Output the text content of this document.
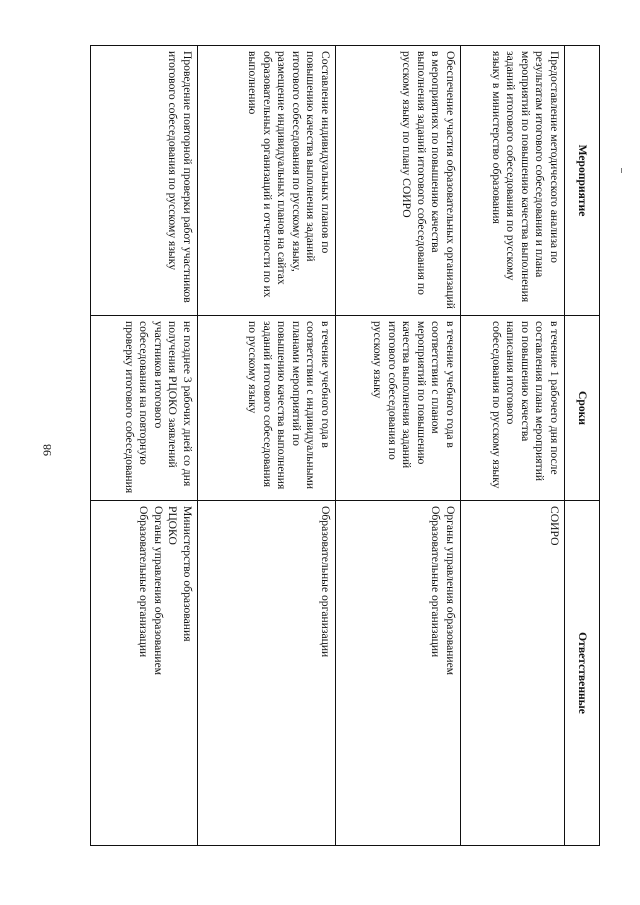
98
Мероприятие	Сроки	Ответственные
Предоставление методического анализа по результатам итогового собеседования и плана мероприятий по повышению качества выполнения заданий итогового собеседования по русскому языку в министерство образования	в течение 1 рабочего дня после составления плана мероприятий по повышению качества написания итогового собеседования по русскому языку	СОИРО
Обеспечение участия образовательных организаций в мероприятиях по повышению качества выполнения заданий итогового собеседования по русскому языку по плану СОИРО	в течение учебного года в соответствии с планом мероприятий по повышению качества выполнения заданий итогового собеседования по русскому языку	Органы управления образованием
Образовательные организации
Составление индивидуальных планов по повышению качества выполнения заданий итогового собеседования по русскому языку, размещение индивидуальных планов на сайтах образовательных организаций и отчетности по их выполнению	в течение учебного года в соответствии с индивидуальными планами мероприятий по повышению качества выполнения заданий итогового собеседования по русскому языку	Образовательные организации
Проведение повторной проверки работ участников итогового собеседования по русскому языку	не позднее 3 рабочих дней со дня получения РЦОКО заявлений участников итогового собеседования на повторную проверку итогового собеседования	Министерство образования
РЦОКО
Органы управления образованием
Образовательные организации
